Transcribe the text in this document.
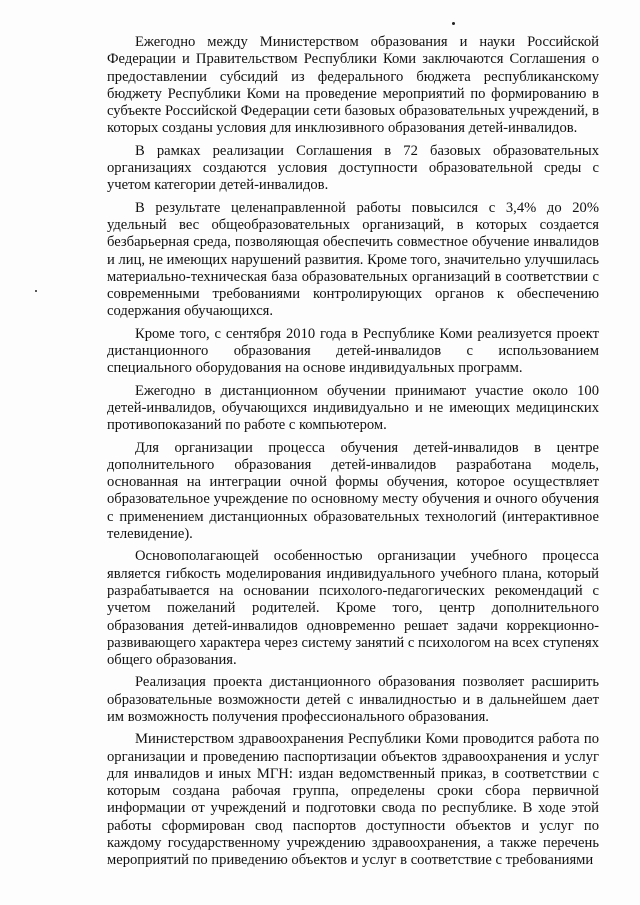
Ежегодно между Министерством образования и науки Российской Федерации и Правительством Республики Коми заключаются Соглашения о предоставлении субсидий из федерального бюджета республиканскому бюджету Республики Коми на проведение мероприятий по формированию в субъекте Российской Федерации сети базовых образовательных учреждений, в которых созданы условия для инклюзивного образования детей-инвалидов.

В рамках реализации Соглашения в 72 базовых образовательных организациях создаются условия доступности образовательной среды с учетом категории детей-инвалидов.

В результате целенаправленной работы повысился с 3,4% до 20% удельный вес общеобразовательных организаций, в которых создается безбарьерная среда, позволяющая обеспечить совместное обучение инвалидов и лиц, не имеющих нарушений развития. Кроме того, значительно улучшилась материально-техническая база образовательных организаций в соответствии с современными требованиями контролирующих органов к обеспечению содержания обучающихся.

Кроме того, с сентября 2010 года в Республике Коми реализуется проект дистанционного образования детей-инвалидов с использованием специального оборудования на основе индивидуальных программ.

Ежегодно в дистанционном обучении принимают участие около 100 детей-инвалидов, обучающихся индивидуально и не имеющих медицинских противопоказаний по работе с компьютером.

Для организации процесса обучения детей-инвалидов в центре дополнительного образования детей-инвалидов разработана модель, основанная на интеграции очной формы обучения, которое осуществляет образовательное учреждение по основному месту обучения и очного обучения с применением дистанционных образовательных технологий (интерактивное телевидение).

Основополагающей особенностью организации учебного процесса является гибкость моделирования индивидуального учебного плана, который разрабатывается на основании психолого-педагогических рекомендаций с учетом пожеланий родителей. Кроме того, центр дополнительного образования детей-инвалидов одновременно решает задачи коррекционно-развивающего характера через систему занятий с психологом на всех ступенях общего образования.

Реализация проекта дистанционного образования позволяет расширить образовательные возможности детей с инвалидностью и в дальнейшем дает им возможность получения профессионального образования.

Министерством здравоохранения Республики Коми проводится работа по организации и проведению паспортизации объектов здравоохранения и услуг для инвалидов и иных МГН: издан ведомственный приказ, в соответствии с которым создана рабочая группа, определены сроки сбора первичной информации от учреждений и подготовки свода по республике. В ходе этой работы сформирован свод паспортов доступности объектов и услуг по каждому государственному учреждению здравоохранения, а также перечень мероприятий по приведению объектов и услуг в соответствие с требованиями
